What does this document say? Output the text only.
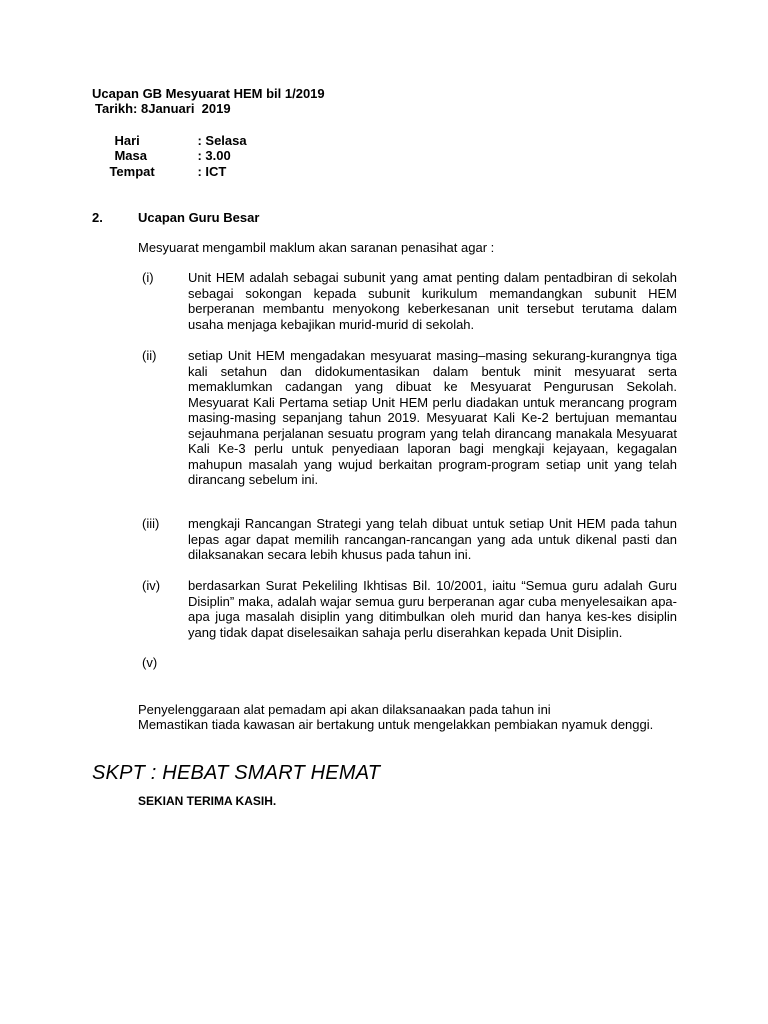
Ucapan GB Mesyuarat HEM bil 1/2019
Tarikh: 8Januari  2019

Hari	: Selasa

Masa	: 3.00

Tempat	: ICT

2.	Ucapan Guru Besar
Mesyuarat mengambil maklum akan saranan penasihat agar :
(i)	Unit HEM adalah sebagai subunit yang amat penting dalam pentadbiran di sekolah sebagai sokongan kepada subunit kurikulum memandangkan subunit HEM berperanan membantu menyokong keberkesanan unit tersebut terutama dalam usaha menjaga kebajikan murid-murid di sekolah.
(ii) setiap Unit HEM mengadakan mesyuarat masing–masing sekurang-kurangnya tiga kali setahun dan didokumentasikan dalam bentuk minit mesyuarat serta memaklumkan cadangan yang dibuat ke Mesyuarat Pengurusan Sekolah. Mesyuarat Kali Pertama setiap Unit HEM perlu diadakan untuk merancang program masing-masing sepanjang tahun 2019. Mesyuarat Kali Ke-2 bertujuan memantau sejauhmana perjalanan sesuatu program yang telah dirancang manakala Mesyuarat Kali Ke-3 perlu untuk penyediaan laporan bagi mengkaji kejayaan, kegagalan mahupun masalah yang wujud berkaitan program-program setiap unit yang telah dirancang sebelum ini.
(iii) mengkaji Rancangan Strategi yang telah dibuat untuk setiap Unit HEM pada tahun lepas agar dapat memilih rancangan-rancangan yang ada untuk dikenal pasti dan dilaksanakan secara lebih khusus pada tahun ini.
(iv) berdasarkan Surat Pekeliling Ikhtisas Bil. 10/2001, iaitu “Semua guru adalah Guru Disiplin” maka, adalah wajar semua guru berperanan agar cuba menyelesaikan apa-apa juga masalah disiplin yang ditimbulkan oleh murid dan hanya kes-kes disiplin yang tidak dapat diselesaikan sahaja perlu diserahkan kepada Unit Disiplin.
(v)
Penyelenggaraan alat pemadam api akan dilaksanaakan pada tahun ini
Memastikan tiada kawasan air bertakung untuk mengelakkan pembiakan nyamuk denggi.
SKPT : HEBAT SMART HEMAT
SEKIAN TERIMA KASIH.
